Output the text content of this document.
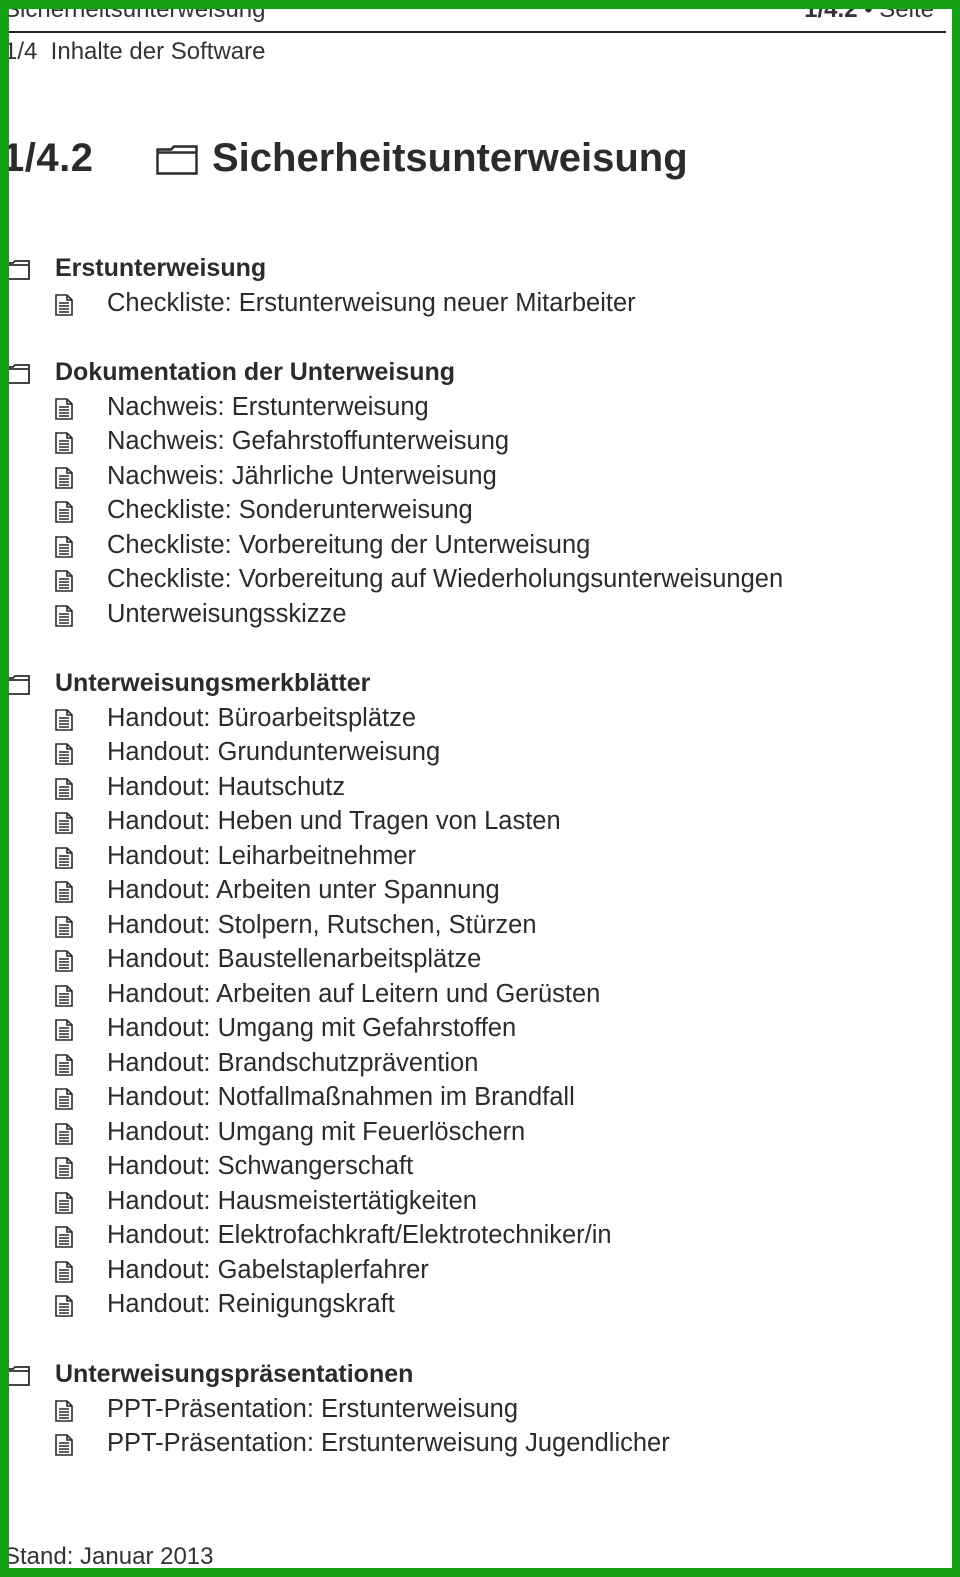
Sicherheitsunterweisung	1/4.2 • Seite
1/4 Inhalte der Software
1/4.2	Sicherheitsunterweisung
Erstunterweisung
Checkliste: Erstunterweisung neuer Mitarbeiter
Dokumentation der Unterweisung
Nachweis: Erstunterweisung
Nachweis: Gefahrstoffunterweisung
Nachweis: Jährliche Unterweisung
Checkliste: Sonderunterweisung
Checkliste: Vorbereitung der Unterweisung
Checkliste: Vorbereitung auf Wiederholungsunterweisungen
Unterweisungsskizze
Unterweisungsmerkblätter
Handout: Büroarbeitsplätze
Handout: Grundunterweisung
Handout: Hautschutz
Handout: Heben und Tragen von Lasten
Handout: Leiharbeitnehmer
Handout: Arbeiten unter Spannung
Handout: Stolpern, Rutschen, Stürzen
Handout: Baustellenarbeitsplätze
Handout: Arbeiten auf Leitern und Gerüsten
Handout: Umgang mit Gefahrstoffen
Handout: Brandschutzprävention
Handout: Notfallmaßnahmen im Brandfall
Handout: Umgang mit Feuerlöschern
Handout: Schwangerschaft
Handout: Hausmeistertätigkeiten
Handout: Elektrofachkraft/Elektrotechniker/in
Handout: Gabelstaplerfahrer
Handout: Reinigungskraft
Unterweisungspräsentationen
PPT-Präsentation: Erstunterweisung
PPT-Präsentation: Erstunterweisung Jugendlicher
Stand: Januar 2013
